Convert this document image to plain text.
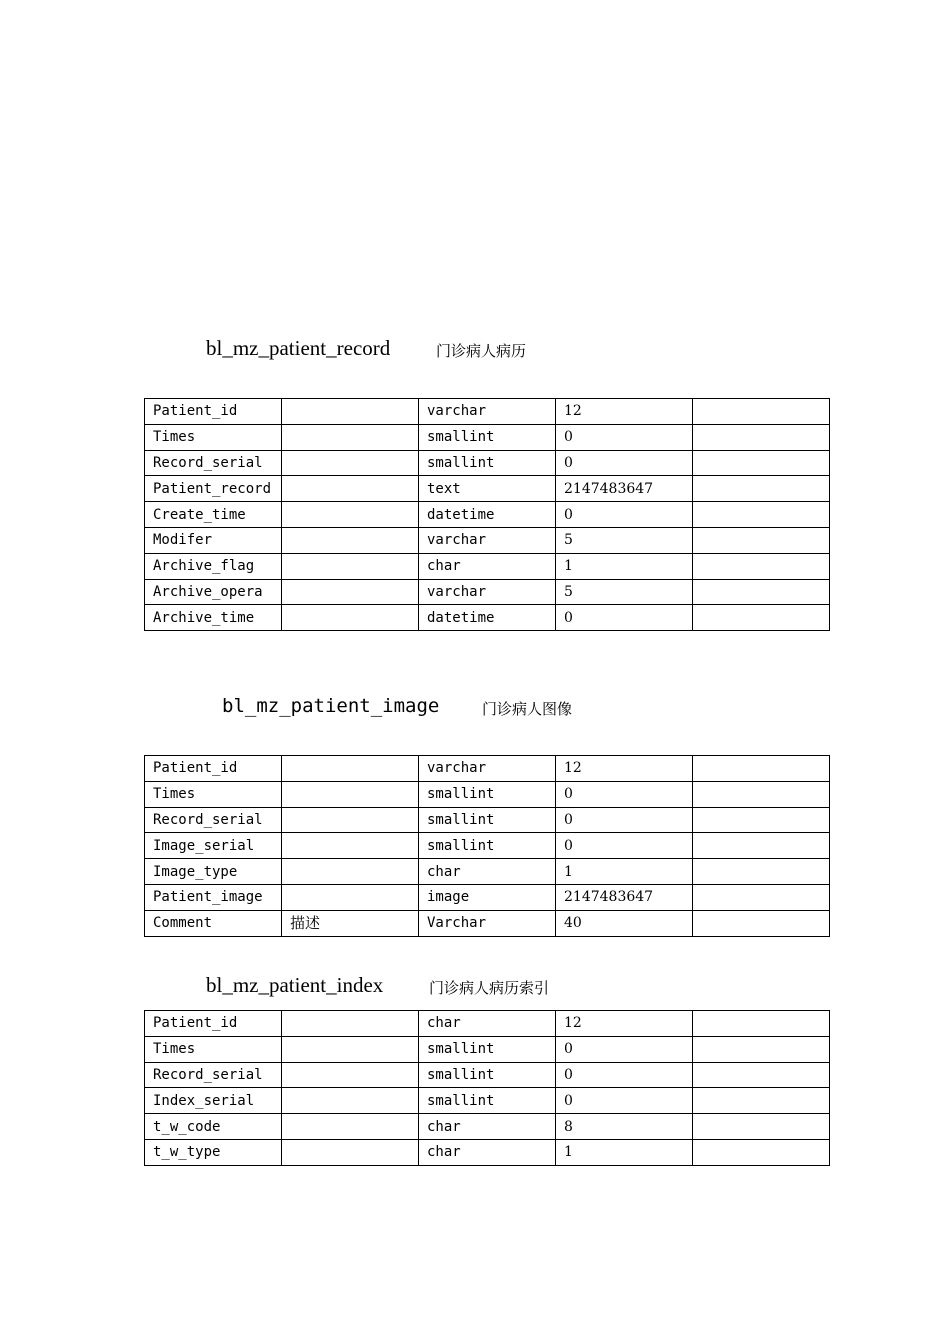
bl_mz_patient_record	门诊病人病历
Patient_id		varchar	12	
Times		smallint	0	
Record_serial		smallint	0	
Patient_record		text	2147483647	
Create_time		datetime	0	
Modifer		varchar	5	
Archive_flag		char	1	
Archive_opera		varchar	5	
Archive_time		datetime	0	
bl_mz_patient_image	门诊病人图像
Patient_id		varchar	12	
Times		smallint	0	
Record_serial		smallint	0	
Image_serial		smallint	0	
Image_type		char	1	
Patient_image		image	2147483647	
Comment	描述	Varchar	40	
bl_mz_patient_index	门诊病人病历索引
Patient_id		char	12	
Times		smallint	0	
Record_serial		smallint	0	
Index_serial		smallint	0	
t_w_code		char	8	
t_w_type		char	1	
